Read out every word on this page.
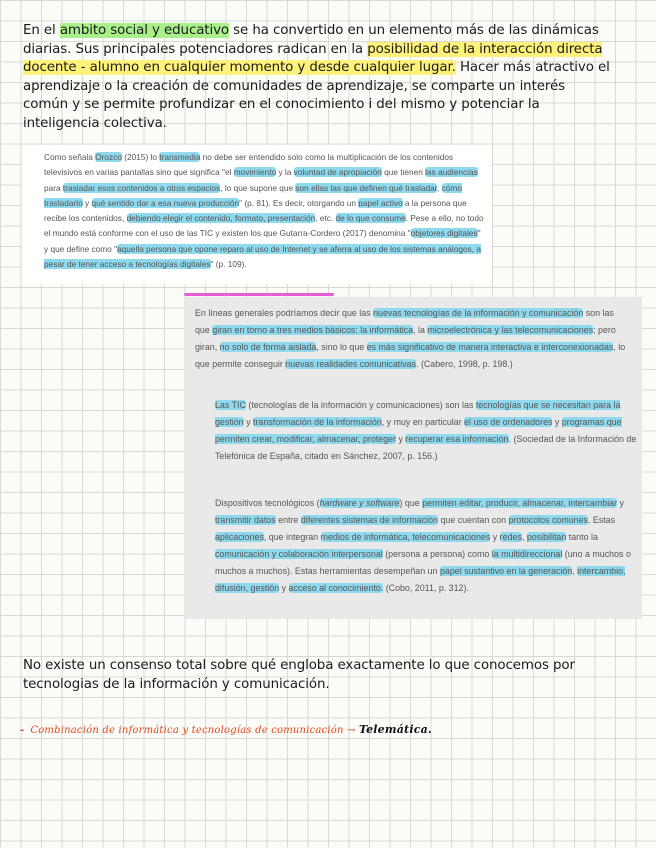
En el ambito social y educativo se ha convertido en un elemento más de las dinámicas diarias. Sus principales potenciadores radican en la posibilidad de la interacción directa docente - alumno en cualquier momento y desde cualquier lugar. Hacer más atractivo el aprendizaje o la creación de comunidades de aprendizaje, se comparte un interés común y se permite profundizar en el conocimiento i del mismo y potenciar la inteligencia colectiva.
Como señala Orozco (2015) lo transmedia no debe ser entendido solo como la multiplicación de los contenidos televisivos en varias pantallas sino que significa "el movimiento y la voluntad de apropiación que tienen las audiencias para trasladar esos contenidos a otros espacios, lo que supone que son ellas las que definen qué trasladar, cómo trasladarlo y qué sentido dar a esa nueva producción" (p. 81). Es decir, otorgando un papel activo a la persona que recibe los contenidos, debiendo elegir el contenido, formato, presentación, etc. de lo que consume. Pese a ello, no todo el mundo está conforme con el uso de las TIC y existen los que Gutarra-Cordero (2017) denomina "objetores digitales" y que define como "aquella persona que opone reparo al uso de Internet y se aferra al uso de los sistemas análogos, a pesar de tener acceso a tecnologías digitales" (p. 109).
En líneas generales podríamos decir que las nuevas tecnologías de la información y comunicación son las que giran en torno a tres medios básicos: la informática, la microelectrónica y las telecomunicaciones; pero giran, no solo de forma aislada, sino lo que es más significativo de manera interactiva e interconexionadas, lo que permite conseguir nuevas realidades comunicativas. (Cabero, 1998, p. 198.)
Las TIC (tecnologías de la información y comunicaciones) son las tecnologías que se necesitan para la gestión y transformación de la información, y muy en particular el uso de ordenadores y programas que permiten crear, modificar, almacenar, proteger y recuperar esa información. (Sociedad de la Información de Telefónica de España, citado en Sánchez, 2007, p. 156.)
Dispositivos tecnológicos (hardware y software) que permiten editar, producir, almacenar, intercambiar y transmitir datos entre diferentes sistemas de información que cuentan con protocolos comunes. Estas aplicaciones, que integran medios de informática, telecomunicaciones y redes, posibilitan tanto la comunicación y colaboración interpersonal (persona a persona) como la multidireccional (uno a muchos o muchos a muchos). Estas herramientas desempeñan un papel sustantivo en la generación, intercambio, difusión, gestión y acceso al conocimiento. (Cobo, 2011, p. 312).
No existe un consenso total sobre qué engloba exactamente lo que conocemos por tecnologias de la información y comunicación.
- Combinación de informática y tecnologías de comunicación → Telemática.
